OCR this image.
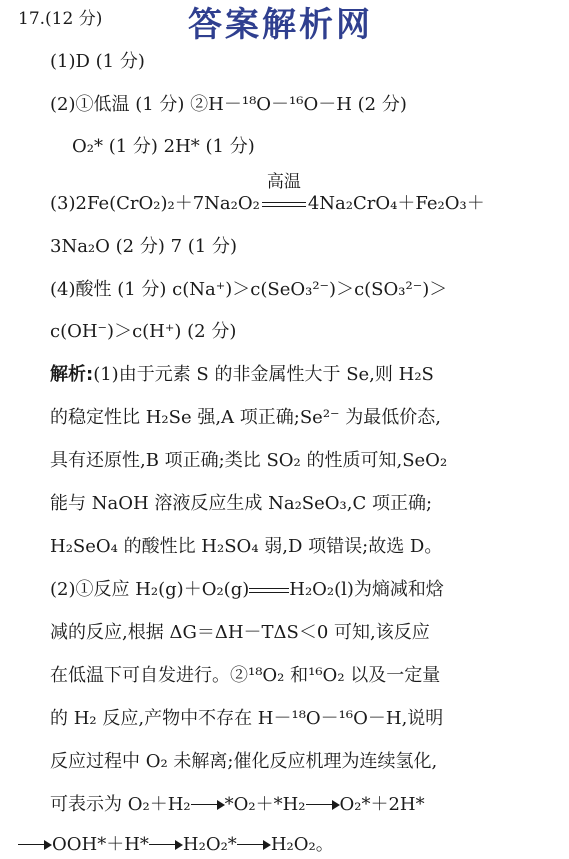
17.(12 分)	答案解析网
(1)D (1 分)
(2)①低温 (1 分) ②H－¹⁸O－¹⁶O－H (2 分)
O₂* (1 分) 2H* (1 分)
(3)2Fe(CrO₂)₂＋7Na₂O₂
高温
4Na₂CrO₄＋Fe₂O₃＋
3Na₂O (2 分) 7 (1 分)
(4)酸性 (1 分) c(Na⁺)＞c(SeO₃²⁻)＞c(SO₃²⁻)＞
c(OH⁻)＞c(H⁺) (2 分)
解析:(1)由于元素 S 的非金属性大于 Se,则 H₂S
的稳定性比 H₂Se 强,A 项正确;Se²⁻ 为最低价态,
具有还原性,B 项正确;类比 SO₂ 的性质可知,SeO₂
能与 NaOH 溶液反应生成 Na₂SeO₃,C 项正确;
H₂SeO₄ 的酸性比 H₂SO₄ 弱,D 项错误;故选 D。
(2)①反应 H₂(g)＋O₂(g) H₂O₂(l)为熵减和焓
减的反应,根据 ΔG＝ΔH－TΔS＜0 可知,该反应
在低温下可自发进行。②¹⁸O₂ 和¹⁶O₂ 以及一定量
的 H₂ 反应,产物中不存在 H－¹⁸O－¹⁶O－H,说明
反应过程中 O₂ 未解离;催化反应机理为连续氢化,
可表示为 O₂＋H₂ *O₂＋*H₂ O₂*＋2H*
OOH*＋H* H₂O₂* H₂O₂。
